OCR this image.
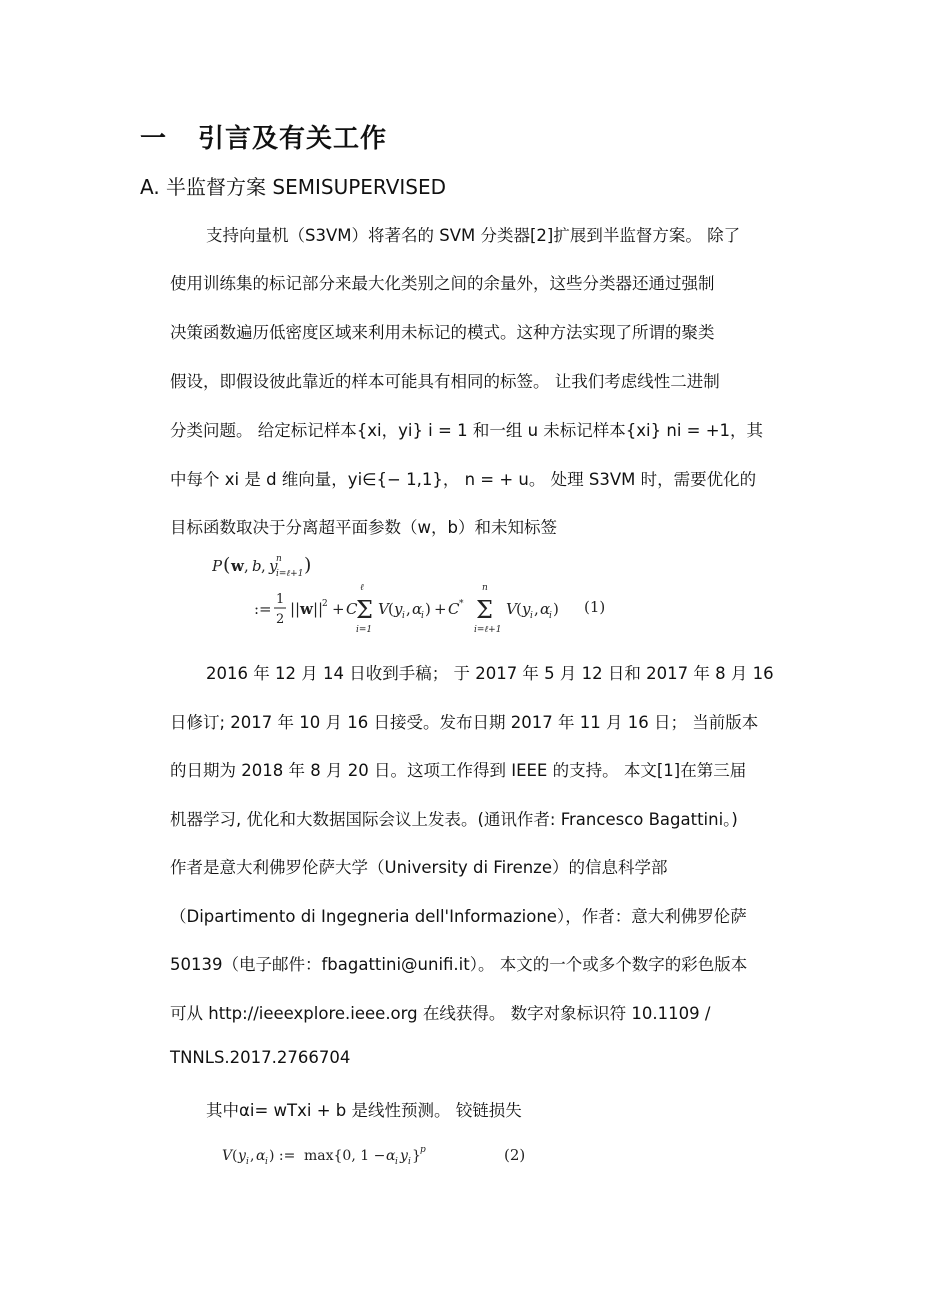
一 引言及有关工作
A. 半监督方案 SEMISUPERVISED
支持向量机（S3VM）将著名的 SVM 分类器[2]扩展到半监督方案。 除了
使用训练集的标记部分来最大化类别之间的余量外，这些分类器还通过强制
决策函数遍历低密度区域来利用未标记的模式。这种方法实现了所谓的聚类
假设，即假设彼此靠近的样本可能具有相同的标签。 让我们考虑线性二进制
分类问题。 给定标记样本{xi，yi} i = 1 和一组 u 未标记样本{xi} ni = +1，其
中每个 xi 是 d 维向量，yi∈{− 1,1}， n = + u。 处理 S3VM 时，需要优化的
目标函数取决于分离超平面参数（w，b）和未知标签
P ( w , b , y
n
i=ℓ+1 )
:=
1
2
|| w ||
2 + C
ℓ
Σ
i=1
V ( y i , α
i ) + C *
n
Σ
i=ℓ+1
V ( y i , α
i ) (1)
2016 年 12 月 14 日收到手稿； 于 2017 年 5 月 12 日和 2017 年 8 月 16
日修订; 2017 年 10 月 16 日接受。发布日期 2017 年 11 月 16 日； 当前版本
的日期为 2018 年 8 月 20 日。这项工作得到 IEEE 的支持。 本文[1]在第三届
机器学习, 优化和大数据国际会议上发表。(通讯作者: Francesco Bagattini。)
作者是意大利佛罗伦萨大学（University di Firenze）的信息科学部
（Dipartimento di Ingegneria dell'Informazione），作者：意大利佛罗伦萨
50139（电子邮件：fbagattini@unifi.it）。 本文的一个或多个数字的彩色版本
可从 http://ieeexplore.ieee.org 在线获得。 数字对象标识符 10.1109 /
TNNLS.2017.2766704
其中αi= wTxi + b 是线性预测。 铰链损失
V ( y i , α i ) := max{0, 1 − α i y i } p	(2)
